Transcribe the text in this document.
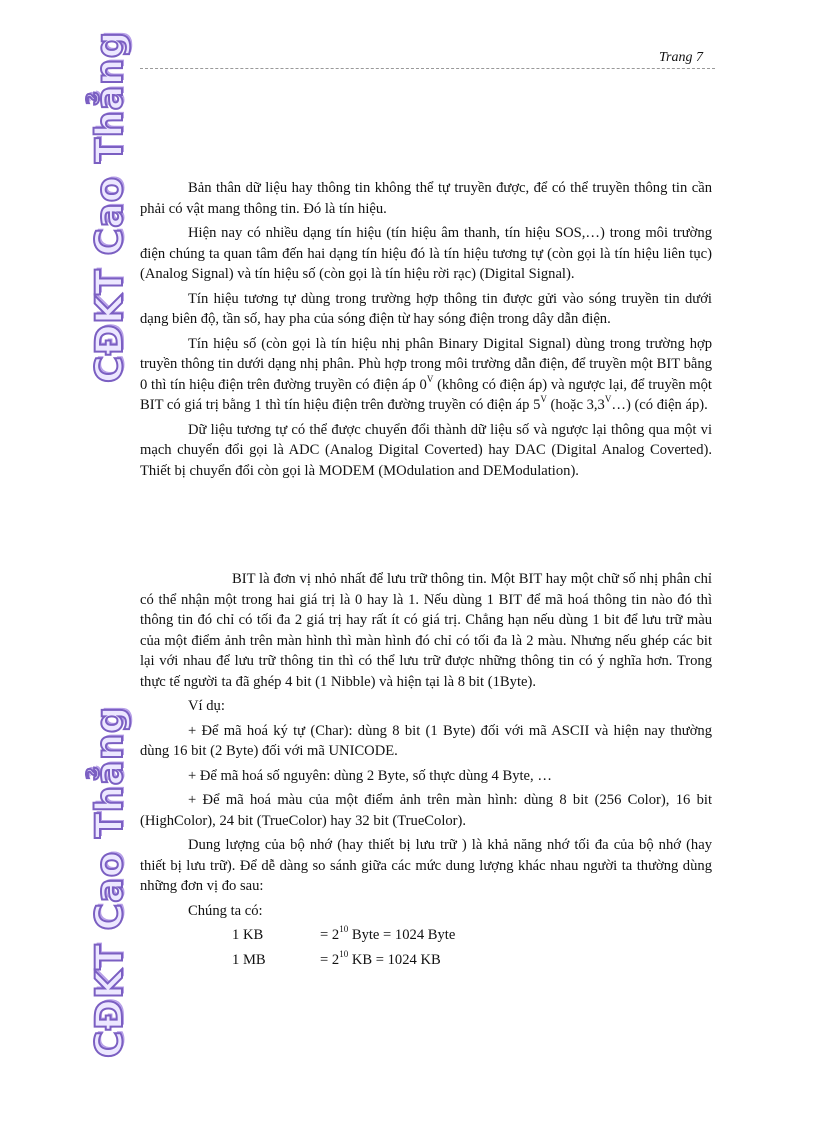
Trang 7
CĐKT Cao Thẳng
CĐKT Cao Thẳng

Bản thân dữ liệu hay thông tin không thể tự truyền được, để có thể truyền thông tin cần phải có vật mang thông tin. Đó là tín hiệu.

Hiện nay có nhiều dạng tín hiệu (tín hiệu âm thanh, tín hiệu SOS,…) trong môi trường điện chúng ta quan tâm đến hai dạng tín hiệu đó là tín hiệu tương tự (còn gọi là tín hiệu liên tục) (Analog Signal) và tín hiệu số (còn gọi là tín hiệu rời rạc) (Digital Signal).

Tín hiệu tương tự dùng trong trường hợp thông tin được gửi vào sóng truyền tin dưới dạng biên độ, tần số, hay pha của sóng điện từ hay sóng điện trong dây dẫn điện.

Tín hiệu số (còn gọi là tín hiệu nhị phân Binary Digital Signal) dùng trong trường hợp truyền thông tin dưới dạng nhị phân. Phù hợp trong môi trường dẫn điện, để truyền một BIT bằng 0 thì tín hiệu điện trên đường truyền có điện áp $0^V$ (không có điện áp) và ngược lại, để truyền một BIT có giá trị bằng 1 thì tín hiệu điện trên đường truyền có điện áp $5^V$ (hoặc $3,3^V\dots$) (có điện áp).

Dữ liệu tương tự có thể được chuyển đổi thành dữ liệu số và ngược lại thông qua một vi mạch chuyển đổi gọi là ADC (Analog Digital Coverted) hay DAC (Digital Analog Coverted). Thiết bị chuyển đổi còn gọi là MODEM (MOdulation and DEModulation).

BIT là đơn vị nhỏ nhất để lưu trữ thông tin. Một BIT hay một chữ số nhị phân chỉ có thể nhận một trong hai giá trị là 0 hay là 1. Nếu dùng 1 BIT để mã hoá thông tin nào đó thì thông tin đó chỉ có tối đa 2 giá trị hay rất ít có giá trị. Chẳng hạn nếu dùng 1 bit để lưu trữ màu của một điểm ảnh trên màn hình thì màn hình đó chỉ có tối đa là 2 màu. Nhưng nếu ghép các bit lại với nhau để lưu trữ thông tin thì có thể lưu trữ được những thông tin có ý nghĩa hơn. Trong thực tế người ta đã ghép 4 bit (1 Nibble) và hiện tại là 8 bit (1Byte).

Ví dụ:

+ Để mã hoá ký tự (Char): dùng 8 bit (1 Byte) đối với mã ASCII và hiện nay thường dùng 16 bit (2 Byte) đối với mã UNICODE.

+ Để mã hoá số nguyên: dùng 2 Byte, số thực dùng 4 Byte, …

+ Để mã hoá màu của một điểm ảnh trên màn hình: dùng 8 bit (256 Color), 16 bit (HighColor), 24 bit (TrueColor) hay 32 bit (TrueColor).

Dung lượng của bộ nhớ (hay thiết bị lưu trữ ) là khả năng nhớ tối đa của bộ nhớ (hay thiết bị lưu trữ). Để dễ dàng so sánh giữa các mức dung lượng khác nhau người ta thường dùng những đơn vị đo sau:

Chúng ta có:

1 KB	= $2^{10}$ Byte = 1024 Byte

1 MB	= $2^{10}$ KB = 1024 KB
